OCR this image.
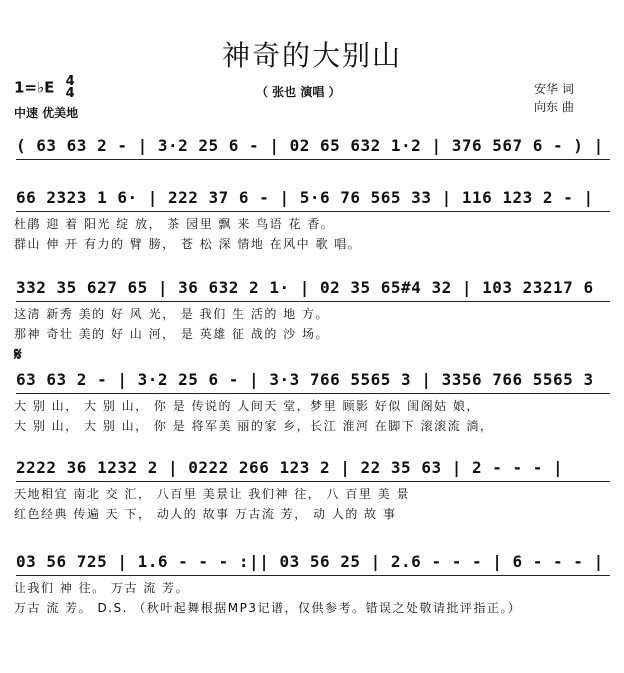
神奇的大别山
1=♭E 4
4
中速 优美地
（ 张也 演唱 ）	安华 词
向东 曲
( 63 63 2 - | 3·2 25 6 - | 02 65 632 1·2 | 376 567 6 - ) |
66 2323 1 6· | 222 37 6 - | 5·6 76 565 33 | 116 123 2 - |
杜鹃 迎 着 阳光 绽 放， 茶 园里 飘 来 鸟语 花 香。
群山 伸 开 有力的 臂 膀， 苍 松 深 情地 在风中 歌 唱。
332 35 627 65 | 36 632 2 1· | 02 35 65#4 32 | 103 23217 6
这清 新秀 美的 好 风 光， 是 我们 生 活的 地 方。
那神 奇壮 美的 好 山 河， 是 英雄 征 战的 沙 场。
𝄋
63 63 2 - | 3·2 25 6 - | 3·3 766 5565 3 | 3356 766 5565 3
大 别 山， 大 别 山， 你 是 传说的 人间天 堂，梦里 顾影 好似 闺阁姑 娘，
大 别 山， 大 别 山， 你 是 将军美 丽的家 乡，长江 淮河 在脚下 滚滚流 淌，
2222 36 1232 2 | 0222 266 123 2 | 22 35 63 | 2 - - - |
天地相宜 南北 交 汇， 八百里 美景让 我们神 往， 八 百里 美 景
红色经典 传遍 天 下， 动人的 故事 万古流 芳， 动 人的 故 事
03 56 725 | 1.6 - - - :|| 03 56 25 | 2.6 - - - | 6 - - - |
让我们 神 往。 万古 流 芳。
万古 流 芳。 D.S. （秋叶起舞根据MP3记谱，仅供参考。错误之处敬请批评指正。）
